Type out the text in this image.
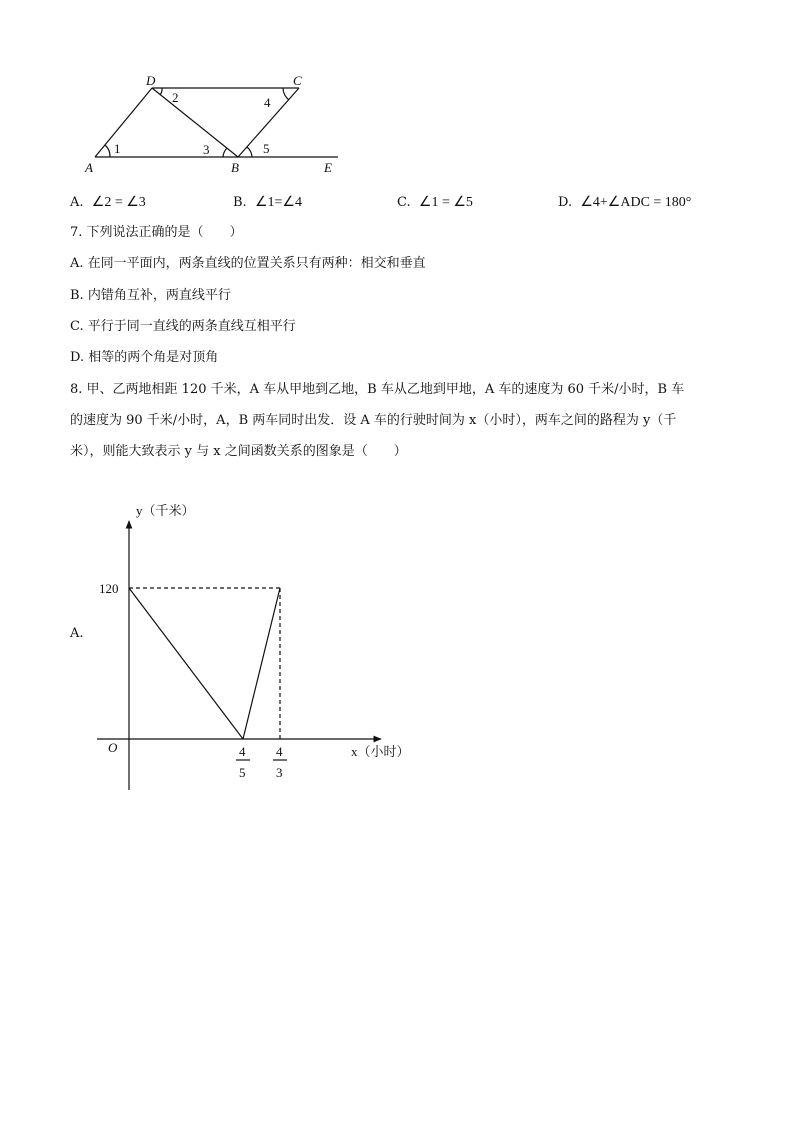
D	C
A	B	E
1
2
3
4
5
A. ∠2 = ∠3	B. ∠1=∠4	C. ∠1 = ∠5	D. ∠4+∠ADC = 180°
7. 下列说法正确的是（　　）
A. 在同一平面内，两条直线的位置关系只有两种：相交和垂直
B. 内错角互补，两直线平行
C. 平行于同一直线的两条直线互相平行
D. 相等的两个角是对顶角
8. 甲、乙两地相距 120 千米，A 车从甲地到乙地，B 车从乙地到甲地，A 车的速度为 60 千米/小时，B 车
的速度为 90 千米/小时，A，B 两车同时出发．设 A 车的行驶时间为 x（小时），两车之间的路程为 y（千
米），则能大致表示 y 与 x 之间函数关系的图象是（　　）
A.
y（千米）
x（小时）
O
120
4
5
4
3
